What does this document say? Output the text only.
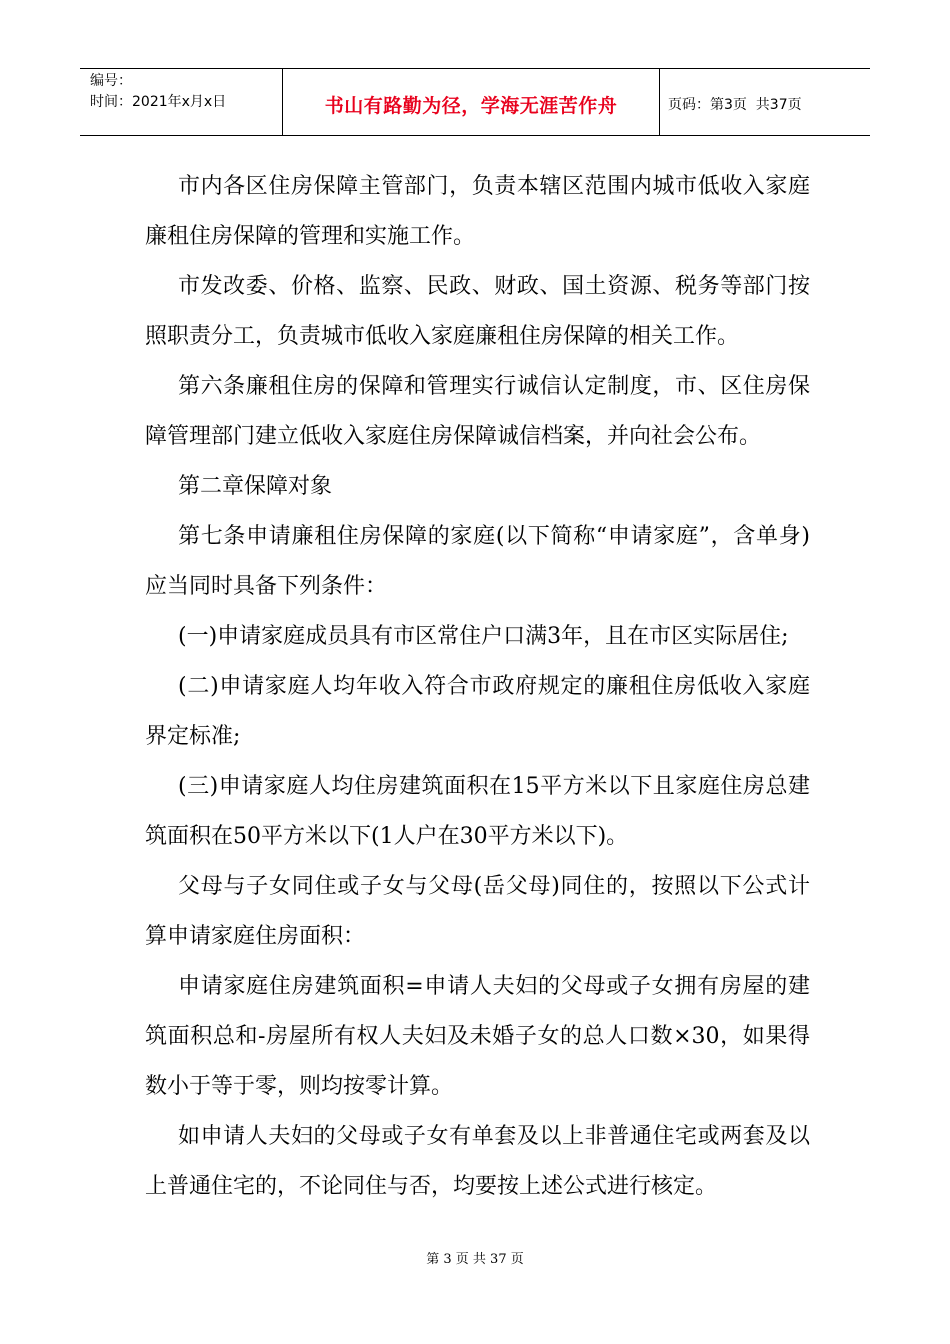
编号：
时间：2021年x月x日	书山有路勤为径，学海无涯苦作舟	页码：第3页  共37页

市内各区住房保障主管部门，负责本辖区范围内城市低收入家庭廉租住房保障的管理和实施工作。

市发改委、价格、监察、民政、财政、国土资源、税务等部门按照职责分工，负责城市低收入家庭廉租住房保障的相关工作。

第六条廉租住房的保障和管理实行诚信认定制度，市、区住房保障管理部门建立低收入家庭住房保障诚信档案，并向社会公布。

第二章保障对象

第七条申请廉租住房保障的家庭(以下简称“申请家庭”，含单身)应当同时具备下列条件：

(一)申请家庭成员具有市区常住户口满3年，且在市区实际居住;

(二)申请家庭人均年收入符合市政府规定的廉租住房低收入家庭界定标准;

(三)申请家庭人均住房建筑面积在15平方米以下且家庭住房总建筑面积在50平方米以下(1人户在30平方米以下)。

父母与子女同住或子女与父母(岳父母)同住的，按照以下公式计算申请家庭住房面积：

申请家庭住房建筑面积=申请人夫妇的父母或子女拥有房屋的建筑面积总和-房屋所有权人夫妇及未婚子女的总人口数×30，如果得数小于等于零，则均按零计算。

如申请人夫妇的父母或子女有单套及以上非普通住宅或两套及以上普通住宅的，不论同住与否，均要按上述公式进行核定。

第 3 页 共 37 页
